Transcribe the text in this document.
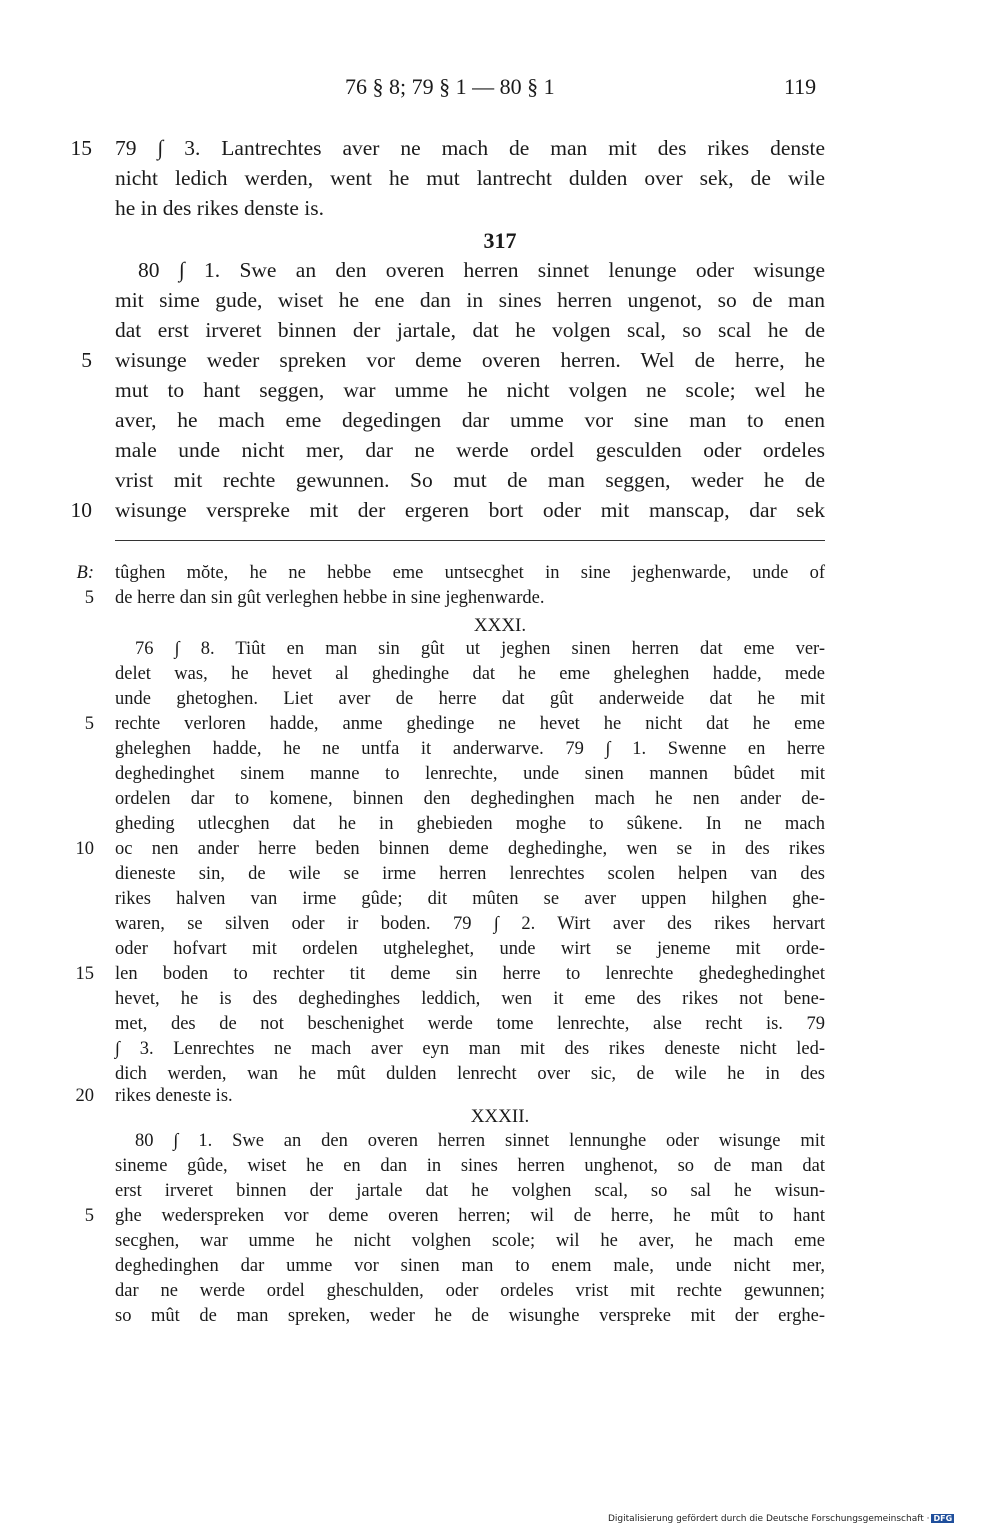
76 § 8; 79 § 1 — 80 § 1	119
15 79 ∫ 3. Lantrechtes aver ne mach de man mit des rikes denste
nicht ledich werden, went he mut lantrecht dulden over sek, de wile
he in des rikes denste is.
317
80 ∫ 1. Swe an den overen herren sinnet lenunge oder wisunge
mit sime gude, wiset he ene dan in sines herren ungenot, so de man
dat erst irveret binnen der jartale, dat he volgen scal, so scal he de
5 wisunge weder spreken vor deme overen herren. Wel de herre, he
mut to hant seggen, war umme he nicht volgen ne scole; wel he
aver, he mach eme degedingen dar umme vor sine man to enen
male unde nicht mer, dar ne werde ordel gesculden oder ordeles
vrist mit rechte gewunnen. So mut de man seggen, weder he de
10 wisunge verspreke mit der ergeren bort oder mit manscap, dar sek
B: tûghen mŏte, he ne hebbe eme untsecghet in sine jeghenwarde, unde of
5 de herre dan sin gût verleghen hebbe in sine jeghenwarde.
XXXI.
76 ∫ 8. Tiût en man sin gût ut jeghen sinen herren dat eme ver-
delet was, he hevet al ghedinghe dat he eme gheleghen hadde, mede
unde ghetoghen. Liet aver de herre dat gût anderweide dat he mit
5 rechte verloren hadde, anme ghedinge ne hevet he nicht dat he eme
gheleghen hadde, he ne untfa it anderwarve. 79 ∫ 1. Swenne en herre
deghedinghet sinem manne to lenrechte, unde sinen mannen bûdet mit
ordelen dar to komene, binnen den deghedinghen mach he nen ander de-
gheding utlecghen dat he in ghebieden moghe to sûkene. In ne mach
10 oc nen ander herre beden binnen deme deghedinghe, wen se in des rikes
dieneste sin, de wile se irme herren lenrechtes scolen helpen van des
rikes halven van irme gûde; dit mûten se aver uppen hilghen ghe-
waren, se silven oder ir boden. 79 ∫ 2. Wirt aver des rikes hervart
oder hofvart mit ordelen utgheleghet, unde wirt se jeneme mit orde-
15 len boden to rechter tit deme sin herre to lenrechte ghedeghedinghet
hevet, he is des deghedinghes leddich, wen it eme des rikes not bene-
met, des de not beschenighet werde tome lenrechte, alse recht is. 79
∫ 3. Lenrechtes ne mach aver eyn man mit des rikes deneste nicht led-
dich werden, wan he mût dulden lenrecht over sic, de wile he in des
20 rikes deneste is.
XXXII.
80 ∫ 1. Swe an den overen herren sinnet lennunghe oder wisunge mit
sineme gûde, wiset he en dan in sines herren unghenot, so de man dat
erst irveret binnen der jartale dat he volghen scal, so sal he wisun-
5 ghe wederspreken vor deme overen herren; wil de herre, he mût to hant
secghen, war umme he nicht volghen scole; wil he aver, he mach eme
deghedinghen dar umme vor sinen man to enem male, unde nicht mer,
dar ne werde ordel gheschulden, oder ordeles vrist mit rechte gewunnen;
so mût de man spreken, weder he de wisunghe verspreke mit der erghe-
Digitalisierung gefördert durch die Deutsche Forschungsgemeinschaft · DFG
